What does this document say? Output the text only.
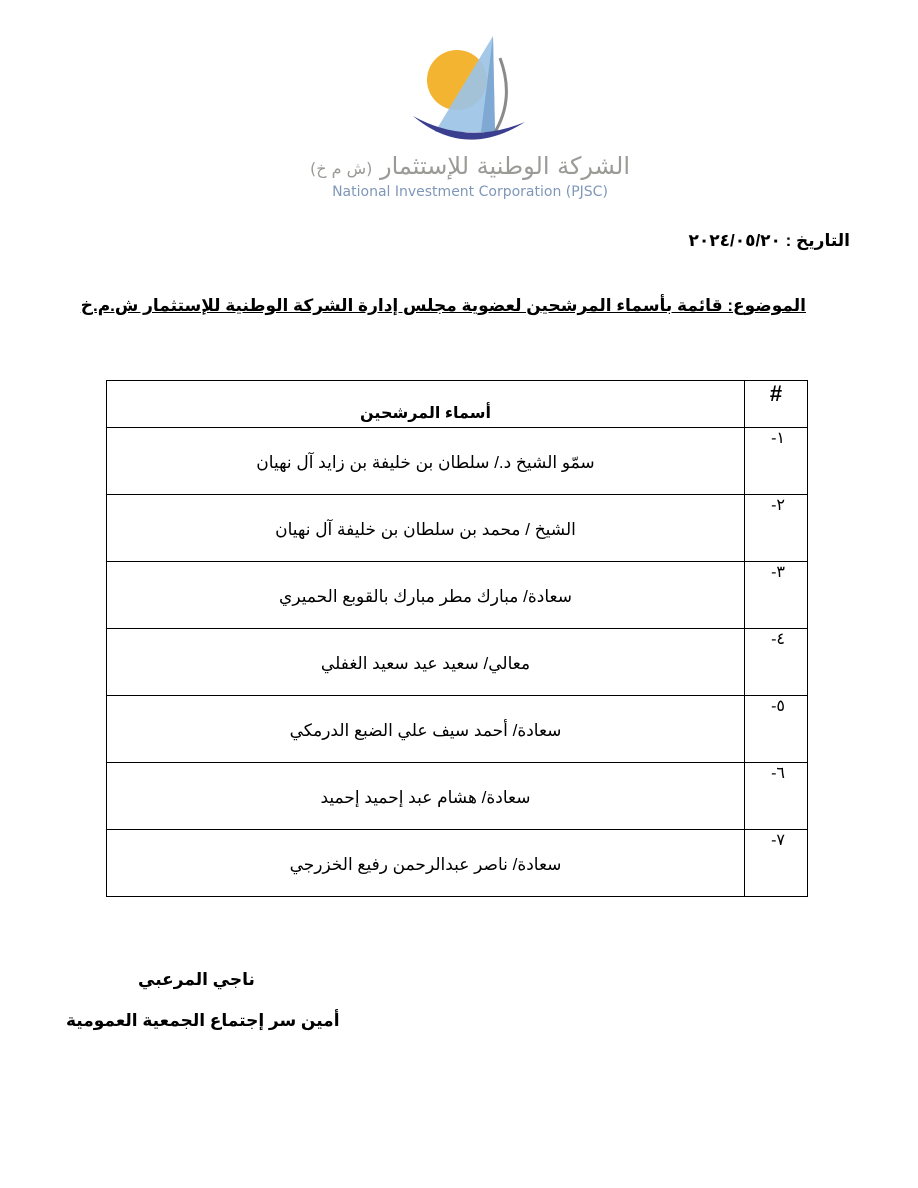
الشركة الوطنية للإستثمار (ش م خ)
National Investment Corporation (PJSC)
التاريخ : ٢٠٢٤/٠٥/٢٠
الموضوع: قائمة بأسماء المرشحين لعضوية مجلس إدارة الشركة الوطنية للإستثمار ش.م.خ
#	أسماء المرشحين
١-	سمّو الشيخ د./ سلطان بن خليفة بن زايد آل نهيان
٢-	الشيخ / محمد بن سلطان بن خليفة آل نهيان
٣-	سعادة/ مبارك مطر مبارك بالقوبع الحميري
٤-	معالي/ سعيد عيد سعيد الغفلي
٥-	سعادة/ أحمد سيف علي الضبع الدرمكي
٦-	سعادة/ هشام عبد إحميد إحميد
٧-	سعادة/ ناصر عبدالرحمن رفيع الخزرجي
ناجي المرعبي
أمين سر إجتماع الجمعية العمومية
